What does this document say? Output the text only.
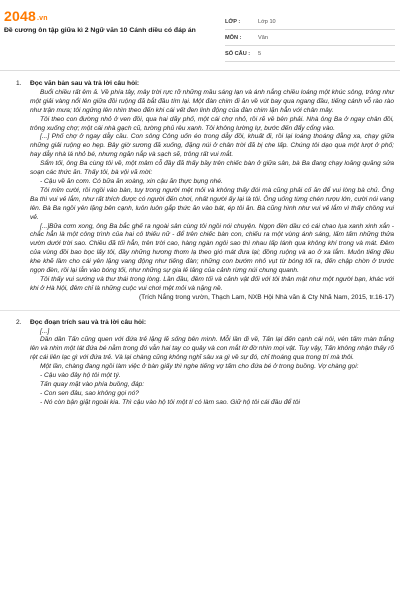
2048.vn
Đề cương ôn tập giữa kì 2 Ngữ văn 10 Cánh diều có đáp án
LỚP :	Lớp 10
MÔN :	Văn
SỐ CÂU :	5
1. Đọc văn bản sau và trả lời câu hỏi:

Buổi chiều rất êm ả. Về phía tây, mây trời rực rỡ những mầu sáng lạn và ánh nắng chiều loáng một khúc sông, trông như một giải vàng nổi lên giữa đồi ruộng đã bắt đầu tím lại. Một đàn chim đi ăn về vút bay qua ngang đầu, tiếng cánh vỗ rào rào như trận mưa; tôi ngửng lên nhìn theo đến khi cái vết đen linh động của đàn chim lặn hẳn với chân mây.

Tôi theo con đường nhỏ ở ven đồi, qua hai dãy phố, một cái chợ nhỏ, rồi rẽ về bên phải. Nhà ông Ba ở ngay chân đồi, trông xuống chợ; một cái nhà gạch cũ, tường phủ rêu xanh. Tôi không lường lự, bước đến đẩy cổng vào.

[...] Phố chợ ở ngay dẫy cầu. Con sông Công uốn éo trong dẫy đồi, khuất đi, rồi lại loáng thoáng đằng xa, chạy giữa những giải ruộng eo hẹp. Bây giờ sương đã xuống, đặng núi ở chân trời đã bị che lấp. Chúng tôi dạo qua một lượt ở phố; hay dẫy nhà lá nhỏ bé, nhưng ngăn nắp và sạch sẽ, trông rất vui mắt.

Sẩm tối, ông Ba cùng tôi về, một mâm cỗ đầy đã thấy bầy trên chiếc bàn ở giữa sân, bà Ba đang chạy loăng quăng sửa soạn các thức ăn. Thấy tôi, bà vội vã mời:

- Cậu về ăn cơm. Có bữa ăn xoàng, xin cậu ăn thực bụng nhé.

Tôi mỉm cười, rồi ngồi vào bàn, tuy trong người mệt mỏi và không thấy đói mà cũng phải cố ăn để vui lòng bà chủ. Ông Ba thì vui vẻ lắm, như rất thích được có người đến chơi, nhất người ấy lại là tôi. Ông uống từng chén rượu lớn, cười nói vang lên. Bà Ba ngồi yên lặng bên cạnh, luôn luôn gắp thức ăn vào bát, ép tôi ăn. Bà cũng hình như vui vẻ lắm vì thấy chồng vui vẻ.

[...]Bữa cơm xong, ông Ba bắc ghế ra ngoài sân cùng tôi ngồi nói chuyện. Ngọn đèn dầu có cái chao lụa xanh xinh xắn - chắc hẳn là một công trình của hai cô thiếu nữ - để trên chiếc bàn con, chiếu ra một vùng ánh sáng, lấm tấm những thửa vườn dưới trời sao. Chiều đã tối hẳn, trên trời cao, hàng ngàn ngôi sao thì nhau lấp lánh qua không khí trong và mát. Đêm của vùng đồi bao bọc lấy tôi, đầy những hương thơm lạ theo gió mát đưa lại; đồng ruộng và ao ở xa lắm. Muôn tiếng đều khe khẽ lầm cho cái yên lặng vang động như tiếng đàn; những con bướm nhỏ vụt từ bóng tối ra, đến chập chờn ở trước ngọn đèn, rồi lại lẫn vào bóng tối, như những sự gia lẻ lảng của cảnh rừng núi chung quanh.

Tôi thấy vui sướng và thư thái trong lòng. Lần đầu, đêm tối và cảnh vật đối với tôi thân mật như một người bạn, khác với khi ở Hà Nội, đêm chỉ là những cuộc vui chơi mệt mỏi và nặng nề.

(Trích Nắng trong vườn, Thạch Lam, NXB Hội Nhà văn & Cty Nhã Nam, 2015, tr.16-17)

2. Đọc đoạn trích sau và trả lời câu hỏi:

[...]

Dần dần Tấn cũng quen với đứa trẻ lặng lẽ sống bên mình. Mỗi lần đi về, Tấn lại đến cạnh cái nôi, vén tấm màn trắng lên và nhìn một lát đứa bé nằm trong đó vẫn hai tay co quây và con mắt lờ đờ nhìn mọi vật. Tuy vậy, Tấn không nhận thấy rõ rệt cái liên lạc gì với đứa trẻ. Và lại chàng cũng không nghĩ sâu xa gì về sự đó, chỉ thoáng qua trong trí mà thôi.

Một lần, chàng đang ngồi làm việc ở bàn giấy thì nghe tiếng vợ tấm cho đứa bé ở trong buồng. Vợ chàng gọi:

- Cậu vào đây hộ tôi một tý.

Tấn quay mặt vào phía buồng, đáp:

- Con sen đâu, sao không gọi nó?

- Nó còn bận giặt ngoài kia. Thì cậu vào hộ tôi một tí có làm sao. Giữ hộ tôi cái đầu để tôi
